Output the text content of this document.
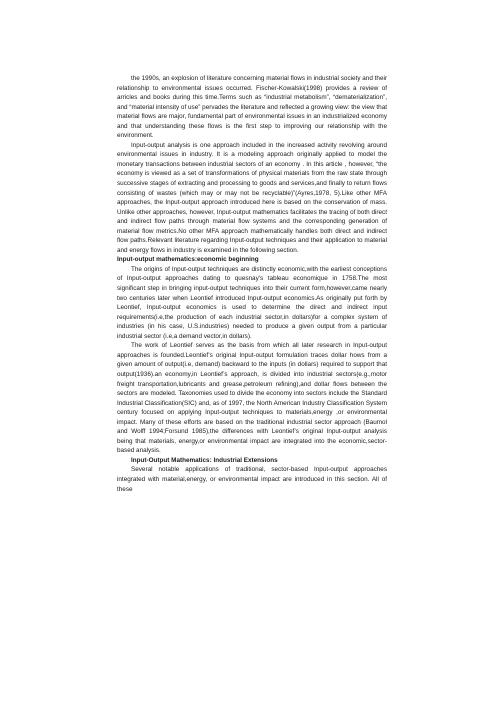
the 1990s, an explosion of literature concerning material flows in industrial society and their relationship to environmental issues occurred. Fischer-Kowalski(1998) provides a review of arricles and books during this time.Terms such as “industrial metabolism”, “dematerialization”, and “material intensity of use” pervades the literature and reflected a growing view: the view that material flows are major, fundamental part of environmental issues in an industrialized economy and that understanding these flows is the first step to improving our relationship with the environment.

Input-output analysis is one approach included in the increased activity revolving around environmental issues in industry. It is a modeling approach originally applied to model the monetary transactions between industrial sectors of an economy . In this article , however, “the economy is viewed as a set of transformations of physical materials from the raw state through successive stages of extracting and processing to goods and services,and finally to return flows consisting of wastes (which may or may not be recyclable)”(Ayres,1978, 5).Like other MFA approaches, the Input-output approach introduced here is based on the conservation of mass. Unlike other approaches, however, Input-output mathematics facilitates the tracing of both direct and indirect flow paths through material flow systems and the corresponding generation of material flow metrics.No other MFA approach mathematically handles both direct and indirect flow paths.Relevant literature regarding Input-output techniques and their application to material and energy flows in industry is examined in the following section.

Input-output mathematics:economic beginning

The origins of Input-output techniques are distinctly economic,with the earliest conceptions of Input-output approaches dating to quesnay’s tableau economique in 1758.The most significant step in bringing input-output techniques into their current form,however,came nearly two centuries later when Leontief introduced Input-output economics.As originally put forth by Leontief, Input-output economics is used to determine the direct and indirect input requirements(i.e,the production of each industrial sector,in dollars)for a complex system of industries (in his case, U.S.industries) needed to produce a given output from a particular industrial sector (i.e,a demand vector,in dollars).

The work of Leontief serves as the basis from which all later research in Input-output approaches is founded.Leontief’s original Input-output formulation traces dollar hows from a given amount of output(i.e, demand) backward to the inputs (in dollars) required to support that output(1936).an economy,in Leontief’s approach, is divided into industrial sectors(e.g.,motor freight transportation,lubricants and grease,petroleum refining),and dollar flows between the sectors are modeled. Taxonomies used to divide the economy into sectors include the Standard Industrial Classification(SIC) and, as of 1997, the North American Industry Classification System century focused on applying Input-output techniques to materials,energy ,or environmental impact. Many of these efforts are based on the traditional industrial sector approach (Baumol and Wolff 1994;Forsund 1985),the differences with Leontief’s original Input-output analysis being that materials, energy,or environmental impact are integrated into the economic,sector-based analysis.

Input-Output Mathematics: Industrial Extensions

Several notable applications of traditional, sector-based Input-output approaches integrated with material,energy, or environmental impact are introduced in this section. All of these
